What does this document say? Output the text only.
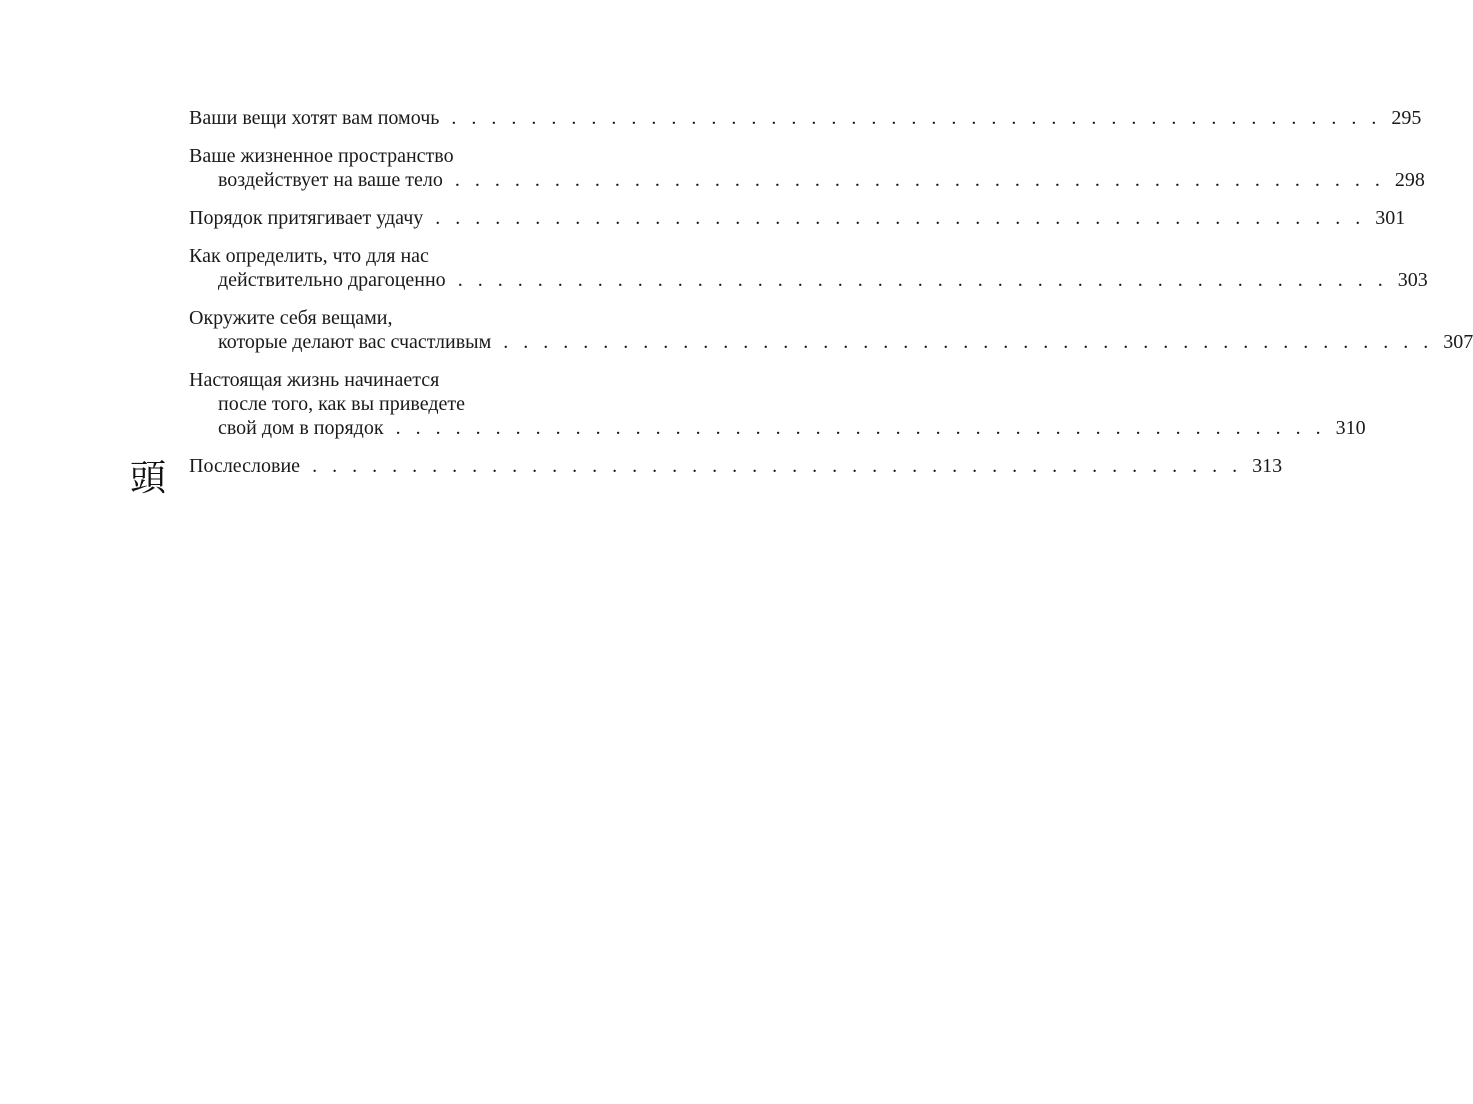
Ваши вещи хотят вам помочь . . . . . . . . . . . . . . . . . . . . . . . . . . . . . . . . . . . . . . . . . . . . . . . 295
Ваше жизненное пространство
воздействует на ваше тело . . . . . . . . . . . . . . . . . . . . . . . . . . . . . . . . . . . . . . . . . . . . . . . 298
Порядок притягивает удачу . . . . . . . . . . . . . . . . . . . . . . . . . . . . . . . . . . . . . . . . . . . . . . . 301
Как определить, что для нас
действительно драгоценно . . . . . . . . . . . . . . . . . . . . . . . . . . . . . . . . . . . . . . . . . . . . . . . 303
Окружите себя вещами,
которые делают вас счастливым . . . . . . . . . . . . . . . . . . . . . . . . . . . . . . . . . . . . . . . . . . . . . . . 307
Настоящая жизнь начинается
после того, как вы приведете
свой дом в порядок . . . . . . . . . . . . . . . . . . . . . . . . . . . . . . . . . . . . . . . . . . . . . . . 310
Послесловие . . . . . . . . . . . . . . . . . . . . . . . . . . . . . . . . . . . . . . . . . . . . . . . 313
頭
